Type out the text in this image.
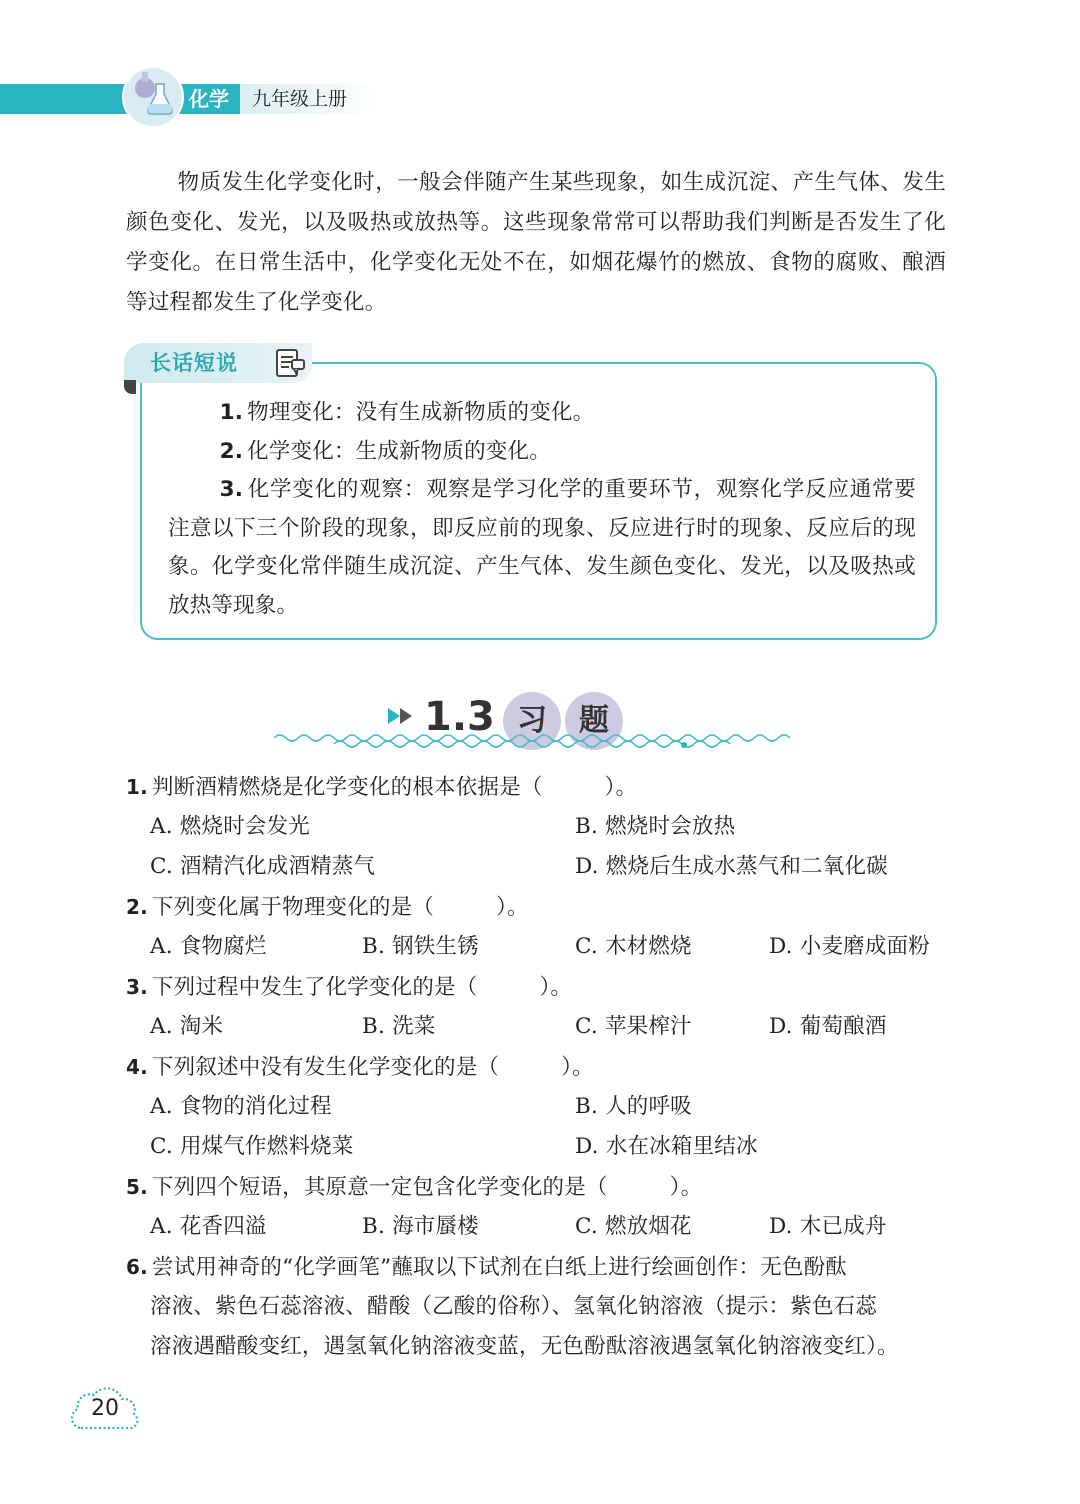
化学	九年级上册
物质发生化学变化时，一般会伴随产生某些现象，如生成沉淀、产生气体、发生颜色变化、发光，以及吸热或放热等。这些现象常常可以帮助我们判断是否发生了化学变化。在日常生活中，化学变化无处不在，如烟花爆竹的燃放、食物的腐败、酿酒等过程都发生了化学变化。
长话短说

1. 物理变化：没有生成新物质的变化。

2. 化学变化：生成新物质的变化。

3. 化学变化的观察：观察是学习化学的重要环节，观察化学反应通常要注意以下三个阶段的现象，即反应前的现象、反应进行时的现象、反应后的现象。化学变化常伴随生成沉淀、产生气体、发生颜色变化、发光，以及吸热或放热等现象。

1.3 习	题
1. 判断酒精燃烧是化学变化的根本依据是（	）。
A. 燃烧时会发光	B. 燃烧时会放热
C. 酒精汽化成酒精蒸气	D. 燃烧后生成水蒸气和二氧化碳
2. 下列变化属于物理变化的是（	）。
A. 食物腐烂	B. 钢铁生锈	C. 木材燃烧	D. 小麦磨成面粉
3. 下列过程中发生了化学变化的是（	）。
A. 淘米	B. 洗菜	C. 苹果榨汁	D. 葡萄酿酒
4. 下列叙述中没有发生化学变化的是（	）。
A. 食物的消化过程	B. 人的呼吸
C. 用煤气作燃料烧菜	D. 水在冰箱里结冰
5. 下列四个短语，其原意一定包含化学变化的是（	）。
A. 花香四溢	B. 海市蜃楼	C. 燃放烟花	D. 木已成舟
6. 尝试用神奇的“化学画笔”蘸取以下试剂在白纸上进行绘画创作：无色酚酞
溶液、紫色石蕊溶液、醋酸（乙酸的俗称）、氢氧化钠溶液（提示：紫色石蕊
溶液遇醋酸变红，遇氢氧化钠溶液变蓝，无色酚酞溶液遇氢氧化钠溶液变红）。
20
